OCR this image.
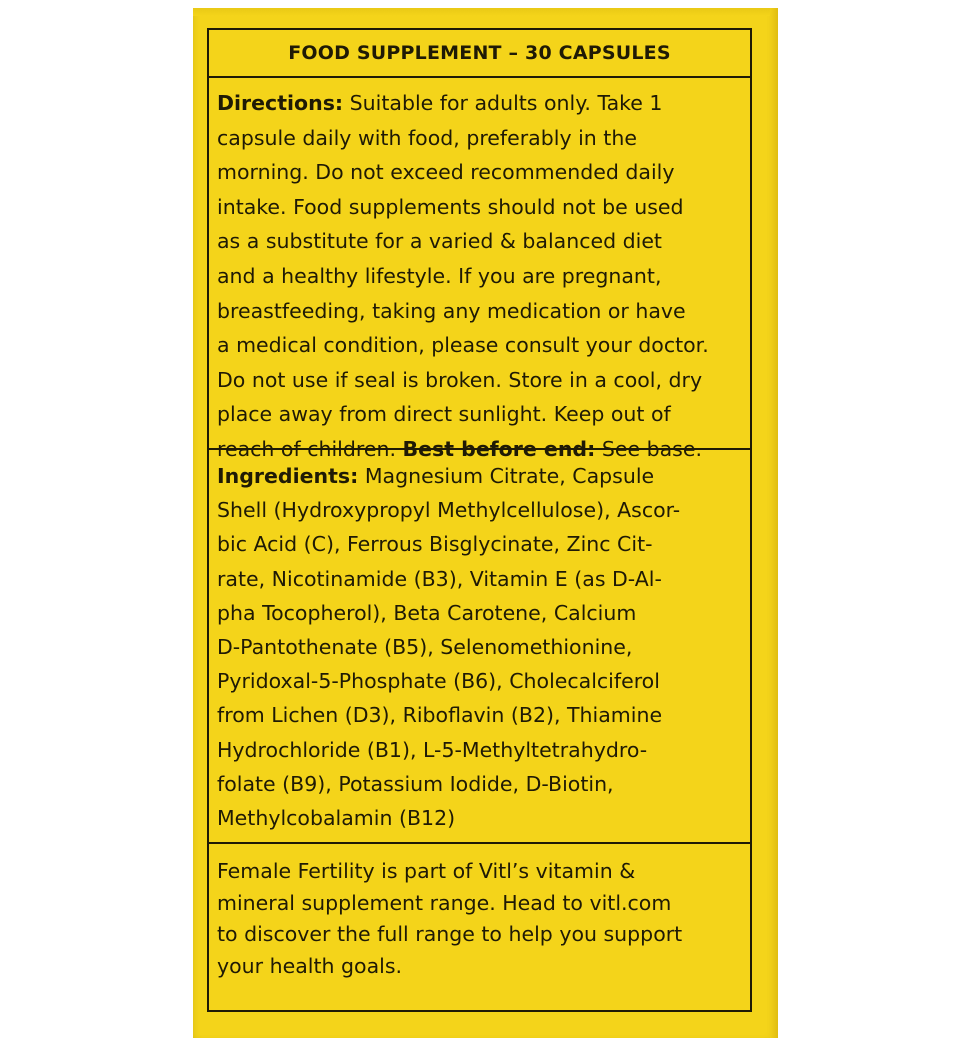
FOOD SUPPLEMENT – 30 CAPSULES

Directions: Suitable for adults only. Take 1
capsule daily with food, preferably in the
morning. Do not exceed recommended daily
intake. Food supplements should not be used
as a substitute for a varied & balanced diet
and a healthy lifestyle. If you are pregnant,
breastfeeding, taking any medication or have
a medical condition, please consult your doctor.
Do not use if seal is broken. Store in a cool, dry
place away from direct sunlight. Keep out of
reach of children. Best before end: See base.

Ingredients: Magnesium Citrate, Capsule
Shell (Hydroxypropyl Methylcellulose), Ascor-
bic Acid (C), Ferrous Bisglycinate, Zinc Cit-
rate, Nicotinamide (B3), Vitamin E (as D-Al-
pha Tocopherol), Beta Carotene, Calcium
D-Pantothenate (B5), Selenomethionine,
Pyridoxal-5-Phosphate (B6), Cholecalciferol
from Lichen (D3), Riboflavin (B2), Thiamine
Hydrochloride (B1), L-5-Methyltetrahydro-
folate (B9), Potassium Iodide, D-Biotin,
Methylcobalamin (B12)

Female Fertility is part of Vitl’s vitamin &
mineral supplement range. Head to vitl.com
to discover the full range to help you support
your health goals.
